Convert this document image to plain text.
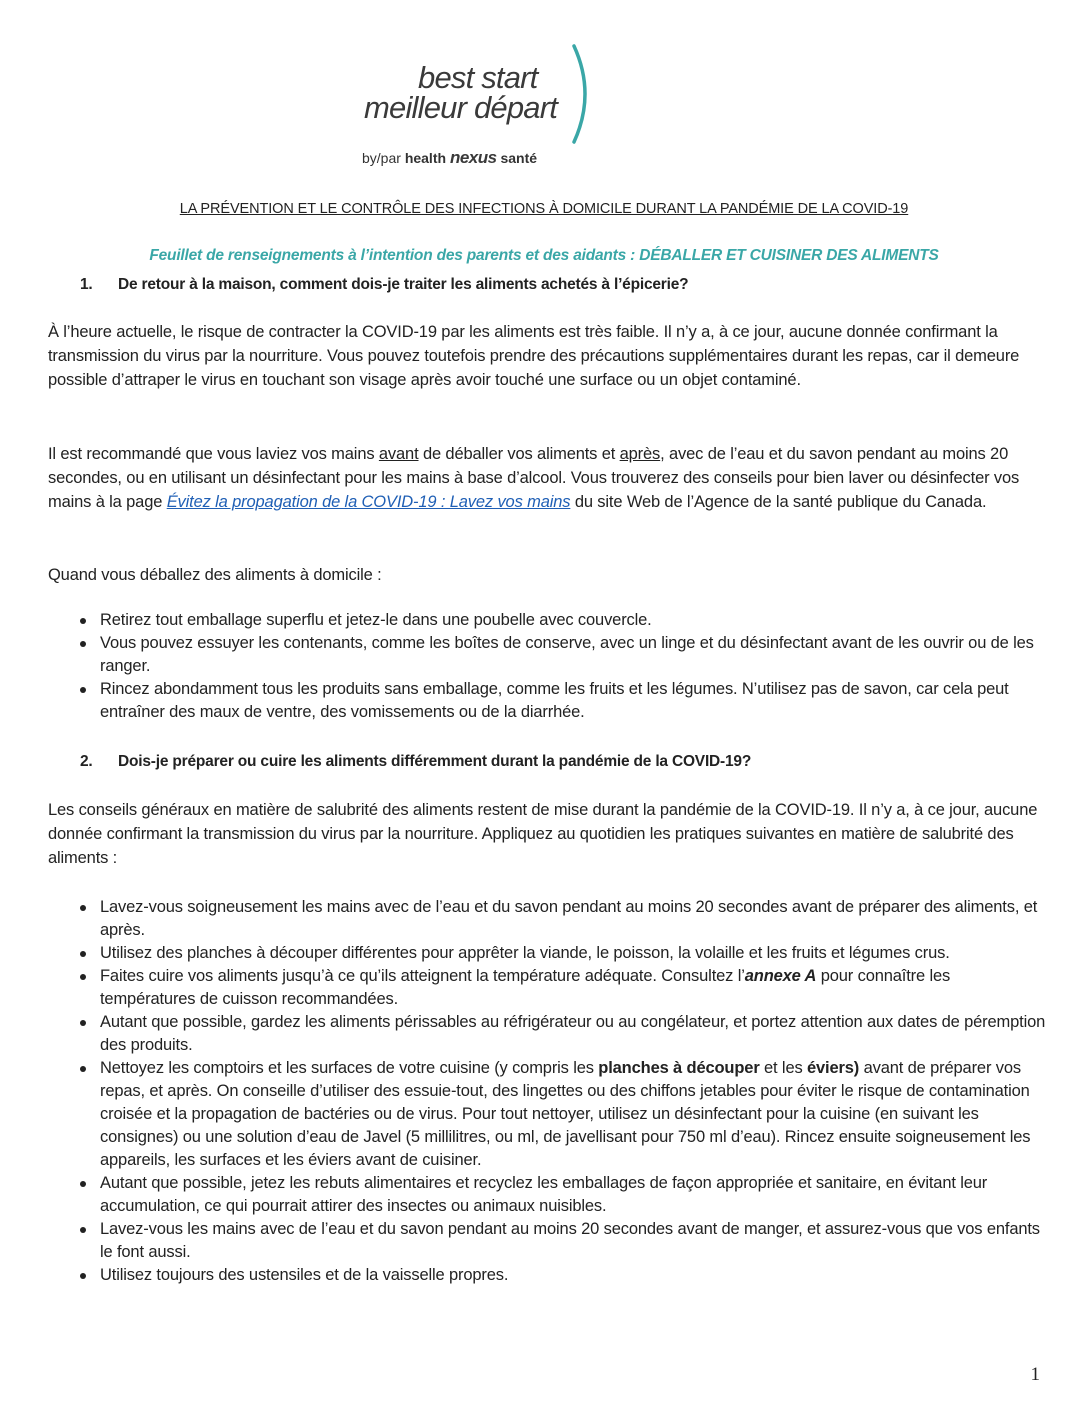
best start
meilleur départ
by/par health nexus santé
LA PRÉVENTION ET LE CONTRÔLE DES INFECTIONS À DOMICILE DURANT LA PANDÉMIE DE LA COVID-19
Feuillet de renseignements à l’intention des parents et des aidants : DÉBALLER ET CUISINER DES ALIMENTS
1. De retour à la maison, comment dois-je traiter les aliments achetés à l’épicerie?

À l’heure actuelle, le risque de contracter la COVID-19 par les aliments est très faible. Il n’y a, à ce jour, aucune donnée confirmant la transmission du virus par la nourriture. Vous pouvez toutefois prendre des précautions supplémentaires durant les repas, car il demeure possible d’attraper le virus en touchant son visage après avoir touché une surface ou un objet contaminé.

Il est recommandé que vous laviez vos mains avant de déballer vos aliments et après, avec de l’eau et du savon pendant au moins 20 secondes, ou en utilisant un désinfectant pour les mains à base d’alcool. Vous trouverez des conseils pour bien laver ou désinfecter vos mains à la page Évitez la propagation de la COVID-19 : Lavez vos mains du site Web de l’Agence de la santé publique du Canada.

Quand vous déballez des aliments à domicile :

Retirez tout emballage superflu et jetez-le dans une poubelle avec couvercle.
Vous pouvez essuyer les contenants, comme les boîtes de conserve, avec un linge et du désinfectant avant de les ouvrir ou de les ranger.
Rincez abondamment tous les produits sans emballage, comme les fruits et les légumes. N’utilisez pas de savon, car cela peut entraîner des maux de ventre, des vomissements ou de la diarrhée.
2. Dois-je préparer ou cuire les aliments différemment durant la pandémie de la COVID-19?

Les conseils généraux en matière de salubrité des aliments restent de mise durant la pandémie de la COVID-19. Il n’y a, à ce jour, aucune donnée confirmant la transmission du virus par la nourriture. Appliquez au quotidien les pratiques suivantes en matière de salubrité des aliments :

Lavez-vous soigneusement les mains avec de l’eau et du savon pendant au moins 20 secondes avant de préparer des aliments, et après.
Utilisez des planches à découper différentes pour apprêter la viande, le poisson, la volaille et les fruits et légumes crus.
Faites cuire vos aliments jusqu’à ce qu’ils atteignent la température adéquate. Consultez l’annexe A pour connaître les températures de cuisson recommandées.
Autant que possible, gardez les aliments périssables au réfrigérateur ou au congélateur, et portez attention aux dates de péremption des produits.
Nettoyez les comptoirs et les surfaces de votre cuisine (y compris les planches à découper et les éviers) avant de préparer vos repas, et après. On conseille d’utiliser des essuie-tout, des lingettes ou des chiffons jetables pour éviter le risque de contamination croisée et la propagation de bactéries ou de virus. Pour tout nettoyer, utilisez un désinfectant pour la cuisine (en suivant les consignes) ou une solution d’eau de Javel (5 millilitres, ou ml, de javellisant pour 750 ml d’eau). Rincez ensuite soigneusement les appareils, les surfaces et les éviers avant de cuisiner.
Autant que possible, jetez les rebuts alimentaires et recyclez les emballages de façon appropriée et sanitaire, en évitant leur accumulation, ce qui pourrait attirer des insectes ou animaux nuisibles.
Lavez-vous les mains avec de l’eau et du savon pendant au moins 20 secondes avant de manger, et assurez-vous que vos enfants le font aussi.
Utilisez toujours des ustensiles et de la vaisselle propres.
1
